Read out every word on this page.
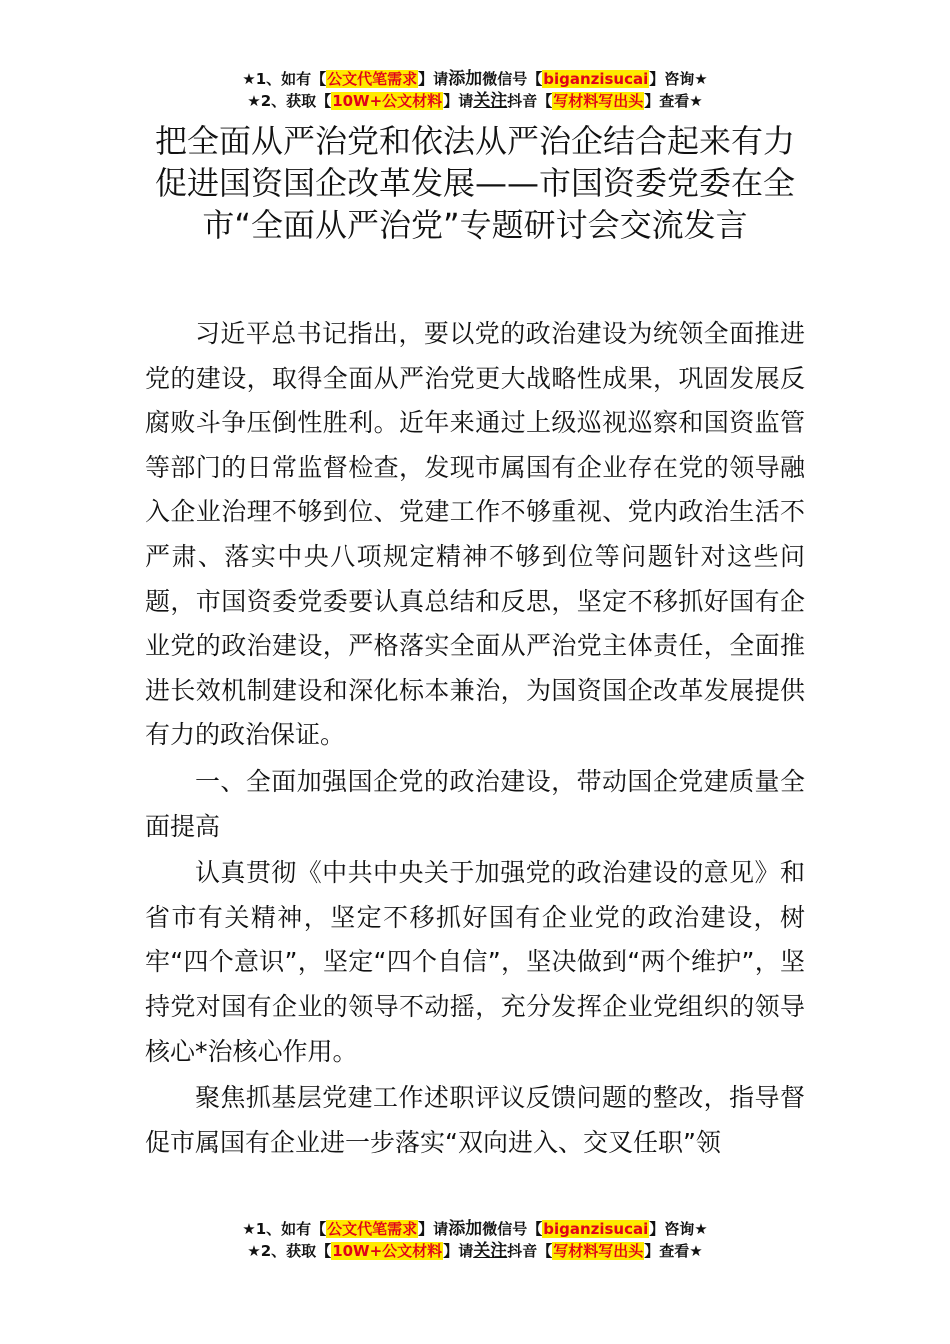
★1、如有【公文代笔需求】请添加微信号【biganzisucai】咨询★
★2、获取【10W+公文材料】请关注抖音【写材料写出头】查看★
把全面从严治党和依法从严治企结合起来有力促进国资国企改革发展——市国资委党委在全市“全面从严治党”专题研讨会交流发言

习近平总书记指出，要以党的政治建设为统领全面推进党的建设，取得全面从严治党更大战略性成果，巩固发展反腐败斗争压倒性胜利。近年来通过上级巡视巡察和国资监管等部门的日常监督检查，发现市属国有企业存在党的领导融入企业治理不够到位、党建工作不够重视、党内政治生活不严肃、落实中央八项规定精神不够到位等问题针对这些问题，市国资委党委要认真总结和反思，坚定不移抓好国有企业党的政治建设，严格落实全面从严治党主体责任，全面推进长效机制建设和深化标本兼治，为国资国企改革发展提供有力的政治保证。

一、全面加强国企党的政治建设，带动国企党建质量全面提高

认真贯彻《中共中央关于加强党的政治建设的意见》和省市有关精神，坚定不移抓好国有企业党的政治建设，树牢“四个意识”，坚定“四个自信”，坚决做到“两个维护”，坚持党对国有企业的领导不动摇，充分发挥企业党组织的领导核心*治核心作用。

聚焦抓基层党建工作述职评议反馈问题的整改，指导督促市属国有企业进一步落实“双向进入、交叉任职”领

★1、如有【公文代笔需求】请添加微信号【biganzisucai】咨询★
★2、获取【10W+公文材料】请关注抖音【写材料写出头】查看★
